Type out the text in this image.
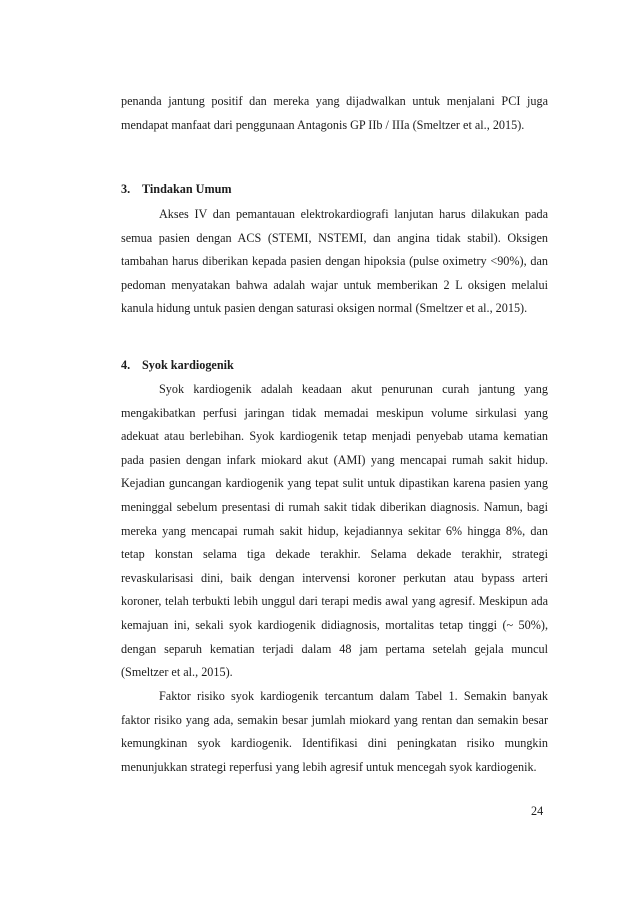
penanda jantung positif dan mereka yang dijadwalkan untuk menjalani PCI juga mendapat manfaat dari penggunaan Antagonis GP IIb / IIIa (Smeltzer et al., 2015).

3. Tindakan Umum

Akses IV dan pemantauan elektrokardiografi lanjutan harus dilakukan pada semua pasien dengan ACS (STEMI, NSTEMI, dan angina tidak stabil). Oksigen tambahan harus diberikan kepada pasien dengan hipoksia (pulse oximetry <90%), dan pedoman menyatakan bahwa adalah wajar untuk memberikan 2 L oksigen melalui kanula hidung untuk pasien dengan saturasi oksigen normal (Smeltzer et al., 2015).

4. Syok kardiogenik

Syok kardiogenik adalah keadaan akut penurunan curah jantung yang mengakibatkan perfusi jaringan tidak memadai meskipun volume sirkulasi yang adekuat atau berlebihan. Syok kardiogenik tetap menjadi penyebab utama kematian pada pasien dengan infark miokard akut (AMI) yang mencapai rumah sakit hidup. Kejadian guncangan kardiogenik yang tepat sulit untuk dipastikan karena pasien yang meninggal sebelum presentasi di rumah sakit tidak diberikan diagnosis. Namun, bagi mereka yang mencapai rumah sakit hidup, kejadiannya sekitar 6% hingga 8%, dan tetap konstan selama tiga dekade terakhir. Selama dekade terakhir, strategi revaskularisasi dini, baik dengan intervensi koroner perkutan atau bypass arteri koroner, telah terbukti lebih unggul dari terapi medis awal yang agresif. Meskipun ada kemajuan ini, sekali syok kardiogenik didiagnosis, mortalitas tetap tinggi (~ 50%), dengan separuh kematian terjadi dalam 48 jam pertama setelah gejala muncul (Smeltzer et al., 2015).

Faktor risiko syok kardiogenik tercantum dalam Tabel 1. Semakin banyak faktor risiko yang ada, semakin besar jumlah miokard yang rentan dan semakin besar kemungkinan syok kardiogenik. Identifikasi dini peningkatan risiko mungkin menunjukkan strategi reperfusi yang lebih agresif untuk mencegah syok kardiogenik.

24
